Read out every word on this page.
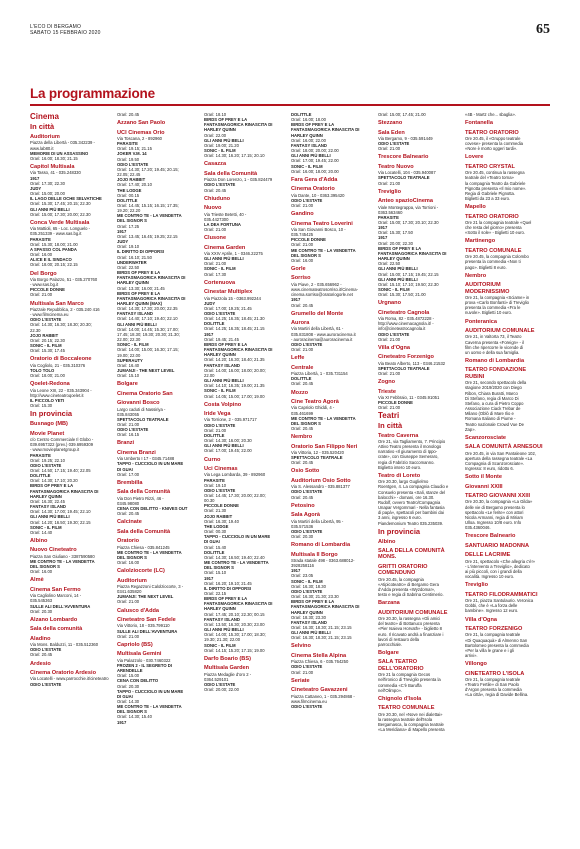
L'ECO DI BERGAMO
SABATO 15 FEBBRAIO 2020	65
La programmazione
Cinema
In città
Auditorium
Piazza della Libertà - 035.342239 -
www.lab80.it
MEMORIE DI UN ASSASSINO
Orari: 16.00; 18.30; 21.15
Capitol Multisala
Via Tasso, 41 - 035.248330
1917
Orari: 17.30; 22.30
JUDY
Orari: 15.00; 20.00
IL LAGO DELLE OCHE SELVATICHE
Orari: 15.30; 17.45; 20.15; 22.30
GLI ANNI PIÙ BELLI
Orari: 15.00; 17.30; 20.00; 22.30
Conca Verde Multisala
Via Mattioli, 65 - Loc. Longuelo -
035.251339 - www.sas.bg.it
PARASITE
Orari: 15.30; 18.00; 21.00
A SPASSO COL PANDA
Orari: 16.00
ALICE E IL SINDACO
Orari: 18.00; 20.15; 22.15
Del Borgo
Via Borgo Palazzo, 51 - 035.270760
- www.sas.bg.it
PICCOLE DONNE
Orari: 21.00
Multisala San Marco
Piazzale Repubblica, 2 - 035.240 416
- www.filmcinema.eu
ODIO L'ESTATE
Orari: 14.30; 16.30; 18.30; 20.30;
22.30
JOJO RABBIT
Orari: 20.15; 22.30
SONIC - IL FILM
Orari: 15.30; 17.45
Oratorio di Boccaleone
Via Cogliolo, 21 - 035.310376
TOLO TOLO
Orari: 18.00; 21.00
Qoelet-Redona
Via Leone XIII, 22 - 035.343904 -
http://www.cineteatroqoelet.it
IL PICCOLO YETI
Orari: 15.30
In provincia
Busnago (MB)
Movie Planet
c/o Centro Commerciale Il Globo -
039.6957322 (prev.) 039.6959309
- www.movieplanetgroup.it
PARASITE
Orari: 19.25; 22.10
ODIO L'ESTATE
Orari: 14.50; 17.15; 19.40; 22.05
DOLITTLE
Orari: 14.30; 17.10; 20.20
BIRDS OF PREY E LA
FANTASMAGORICA RINASCITA DI
HARLEY QUINN
Orari: 16.30; 22.45
FANTASY ISLAND
Orari: 14.30; 17.00; 19.45; 22.10
GLI ANNI PIÙ BELLI
Orari: 14.20; 16.50; 19.30; 22.15
SONIC - IL FILM
Orari: 14.40
Albino
Nuovo Cineteatro
Piazza San Giuliano - 3387590580
ME CONTRO TE - LA VENDETTA
DEL SIGNOR S
Orari: 16.00
Almè
Cinema San Fermo
Via Cagliolino Marconi, 14 -
035.545363
SULLE ALI DELL'AVVENTURA
Orari: 20.30
Alzano Lombardo
Sala della comunità
Aladino
Via Mons. Balduzzi, 11 - 035.512360
ODIO L'ESTATE
Orari: 20.45
Ardesio
Cinema Oratorio Ardesio
Via Locatelli - www.parrocchie.it/cineteatro
ODIO L'ESTATE
Orari: 20.45
Azzano San Paolo
UCI Cinemas Orio
Via Toscana, 2 - 892960
PARASITE
Orari: 19.15; 21.15
JOKER V.M. 14
Orari: 19.50
ODIO L'ESTATE
Orari: 14.30; 17.20; 19.45; 20.15;
22.05; 22.45
JOJO RABBIT
Orari: 17.40; 20.10
THE LODGE
Orari: 00.15
DOLITTLE
Orari: 14.45; 15.15; 16.15; 17.35;
19.20; 22.20
ME CONTRO TE - LA VENDETTA
DEL SIGNOR S
Orari: 17.25
1917
Orari: 13.45; 16.45; 19.25; 22.15
JUDY
Orari: 19.10
IL DIRITTO DI OPPORSI
Orari: 16.10; 21.50
UNDERWATER
Orari: 22.50
BIRDS OF PREY E LA
FANTASMAGORICA RINASCITA DI
HARLEY QUINN
Orari: 13.30; 16.00; 21.45
BIRDS OF PREY E LA
FANTASMAGORICA RINASCITA DI
HARLEY QUINN (MAX)
Orari: 14.30; 17.30; 20.00; 22.35
FANTASY ISLAND
Orari: 14.40; 17.10; 19.40; 22.10
GLI ANNI PIÙ BELLI
Orari: 14.00; 14.45; 15.30; 17.00;
17.45; 18.30; 19.30; 20.30; 21.30;
22.00; 22.30
SONIC - IL FILM
Orari: 14.00; 15.00; 16.30; 17.15;
19.00; 22.00
SUPERAUTY
Orari: 16.40
JUMANJI - THE NEXT LEVEL
Orari: 15.10
Bolgare
Cinema Oratorio San
Giovanni Bosco
Largo caduti di Nassiriya -
035.843055
SPETTACOLO TEATRALE
Orari: 21.00
ODIO L'ESTATE
Orari: 16.15
Branzi
Cinema Branzi
Via Umberto I 17 - 0345.71488
TAPPO - CUCCIOLO IN UN MARE
DI GUAI
Orari: 17.00
Brembilla
Sala della Comunità
Via Don Pietro Rizzi, 46 -
0345.98080
CENA CON DELITTO - KNIVES OUT
Orari: 20.45
Calcinate
Sala della Comunità
Oratorio
Piazza Chiesa - 035.841245
ME CONTRO TE - LA VENDETTA
DEL SIGNOR S
Orari: 16.00
Calolziocorte (LC)
Auditorium
Piazza Regazzoni Calolziocorte, 3 -
0341.635820
JUMANJI: THE NEXT LEVEL
Orari: 21.00
Calusco d'Adda
Cineteatro San Fedele
Via Vittorio, 18 - 035.799110
SULLE ALI DELL'AVVENTURA
Orari: 21.00
Capriolo (BS)
Multisala Gemini
Via Palazzolo - 030.7460322
FROZEN 2 - IL SEGRETO DI
ARENDELLE
Orari: 15.00
CENA CON DELITTO
Orari: 20.30
TAPPO - CUCCIOLO IN UN MARE
DI GUAI
Orari: 14.30
ME CONTRO TE - LA VENDETTA
DEL SIGNOR S
Orari: 14.30; 15.40
1917
Orari: 18.10
BIRDS OF PREY E LA
FANTASMAGORICA RINASCITA DI
HARLEY QUINN
Orari: 22.00
GLI ANNI PIÙ BELLI
Orari: 19.00; 21.20
SONIC - IL FILM
Orari: 14.30; 16.20; 17.15; 20.10
Casazza
Sala della Comunità
Piazza Don Lorenzo, 1 - 035.824479
ODIO L'ESTATE
Orari: 20.45
Chiuduno
Nuovo
Via Trieste Betetti, 40 -
035.4427300
LA DEA FORTUNA
Orari: 21.00
Clusone
Cinema Garden
Via XXIV Aprile, 1 - 0346.22275
GLI ANNI PIÙ BELLI
Orari: 21.00
SONIC - IL FILM
Orari: 17.30
Cortenuova
Cinestar Multiplex
Via Piazzola 15 - 0363.992244
JUDY
Orari: 17.00; 19.25; 21.45
ODIO L'ESTATE
Orari: 14.25; 16.35; 18.45; 21.30
DOLITTLE
Orari: 14.25; 16.35; 18.45; 21.15
1917
Orari: 19.45; 21.45
BIRDS OF PREY E LA
FANTASMAGORICA RINASCITA DI
HARLEY QUINN
Orari: 14.20; 16.30; 18.40; 21.35
FANTASY ISLAND
Orari: 14.00; 16.00; 18.00; 20.00;
22.00
GLI ANNI PIÙ BELLI
Orari: 14.10; 16.35; 19.00; 21.35
SONIC - IL FILM
Orari: 14.05; 15.00; 17.00; 19.00
Costa Volpino
Iride Vega
Via Torrione, 2 - 035.971717
ODIO L'ESTATE
Orari: 21.00
DOLITTLE
Orari: 14.30; 16.00; 20.30
GLI ANNI PIÙ BELLI
Orari: 17.00; 19.45; 22.00
Curno
Uci Cinemas
Via Lega Lombarda, 39 - 892960
PARASITE
Orari: 19.10
ODIO L'ESTATE
Orari: 14.45; 17.30; 20.00; 22.00;
00.30
PICCOLE DONNE
Orari: 21.30
JOJO RABBIT
Orari: 16.30; 19.40
THE LODGE
Orari: 00.30
TAPPO - CUCCIOLO IN UN MARE
DI GUAI
Orari: 15.40
DOLITTLE
Orari: 14.30; 16.50; 19.40; 22.40
ME CONTRO TE - LA VENDETTA
DEL SIGNOR S
Orari: 15.10
1917
Orari: 16.20; 19.10; 21.45
IL DIRITTO DI OPPORSI
Orari: 22.15
BIRDS OF PREY E LA
FANTASMAGORICA RINASCITA DI
HARLEY QUINN
Orari: 17.45; 20.10; 22.30; 00.15
FANTASY ISLAND
Orari: 13.50; 16.30; 20.30; 23.00
GLI ANNI PIÙ BELLI
Orari: 14.00; 15.30; 17.00; 18.30;
19.30; 21.30; 22.00
SONIC - IL FILM
Orari: 14.15; 15.20; 17.15; 19.00
Darfo Boario (BS)
Multisala Garden
Piazza Medaglie d'oro 2 -
0364.529101
ODIO L'ESTATE
Orari: 20.00; 22.00
DOLITTLE
Orari: 16.00; 18.00
BIRDS OF PREY E LA
FANTASMAGORICA RINASCITA DI
HARLEY QUINN
Orari: 16.00; 22.00
FANTASY ISLAND
Orari: 18.00; 20.00; 22.00
GLI ANNI PIÙ BELLI
Orari: 17.00; 19.45; 22.00
SONIC - IL FILM
Orari: 16.00; 18.00; 20.00
Fara Gera d'Adda
Cinema Oratorio
Via Dante, 10 - 0363.395420
ODIO L'ESTATE
Orari: 21.00
Gandino
Cinema Teatro Loverini
Via San Giovanni Bosco, 10 -
035.745425
PICCOLE DONNE
Orari: 21.00
ME CONTRO TE - LA VENDETTA
DEL SIGNOR S
Orari: 16.00
Gorle
Sorriso
Via Piave, 2 - 035.656962 -
www.cinemateatrosorriso.it/Cinema-
cinema.sorriso@oratoriogorle.net
1917
Orari: 20.45
Grumello del Monte
Aurora
Via Martiri della Libertà, 61 -
035.831808 - www.auroracinema.it
- auroracinema@auroracinema.it
ODIO L'ESTATE
Orari: 21.00
Leffe
Centrale
Piazza Libertà, 1 - 035.731154
DOLITTLE
Orari: 20.45
Mozzo
Cine Teatro Agorà
Via Capriolo Ghiddi, 4 -
035.461699
ME CONTRO TE - LA VENDETTA
DEL SIGNOR S
Orari: 20.45
Nembro
Oratorio San Filippo Neri
Via Vittoria, 12 - 035.520420
SPETTACOLO TEATRALE
Orari: 20.45
Osio Sotto
Auditorium Osio Sotto
Via S. Alessandro - 035.881377
ODIO L'ESTATE
Orari: 20.45
Petosino
Sala Agorà
Via Martiri della Libertà, 95 -
035.571536
ODIO L'ESTATE
Orari: 20.30
Romano di Lombardia
Multisala Il Borgo
Strada statale 498 - 0363.688012-
3928258116
1917
Orari: 23.05
SONIC - IL FILM
Orari: 16.30; 18.30
ODIO L'ESTATE
Orari: 16.30; 21.30; 23.30
BIRDS OF PREY E LA
FANTASMAGORICA RINASCITA DI
HARLEY QUINN
Orari: 18.30; 23.30
FANTASY ISLAND
Orari: 16.30; 18.30; 21.15; 23.15
GLI ANNI PIÙ BELLI
Orari: 16.30; 18.30; 21.15; 23.15
Selvino
Cinema Stella Alpina
Piazza Chiesa, 6 - 035.764250
ODIO L'ESTATE
Orari: 21.00
Seriate
Cineteatro Gavazzeni
Piazza Cattaneo, 1 - 035.294868 -
www.filmcinema.eu
ODIO L'ESTATE
Orari: 15.00; 17.45; 21.00
Stezzano
Sala Eden
Via Bergamo, 9 - 035.591449
ODIO L'ESTATE
Orari: 21.00
Trescore Balneario
Teatro Nuovo
Via Locatelli, 104 - 035.940087
SPETTACOLO TEATRALE
Orari: 21.00
Treviglio
Anteo spazioCinema
Viale Montegrappa, via Torrioni -
0363.563460
PARASITE
Orari: 15.00; 17.30; 20.10; 22.30
1917
Orari: 15.30; 17.50
1917
Orari: 20.00; 22.30
BIRDS OF PREY E LA
FANTASMAGORICA RINASCITA DI
HARLEY QUINN
Orari: 22.50
GLI ANNI PIÙ BELLI
Orari: 15.00; 17.15; 19.45; 22.15
GLI ANNI PIÙ BELLI
Orari: 15.10; 17.10; 19.50; 22.30
SONIC - IL FILM
Orari: 15.30; 17.50; 21.00
Urgnano
Cineteatro Cagnola
Via Roma, 82 - 035.4872228 -
http://www.cinemacagnola.it/ -
info@cineteatrocagnola.it
ODIO L'ESTATE
Orari: 21.00
Villa d'Ogna
Cineteatro Forzenigo
Via Beato Alberto, 113 - 0346.21532
SPETTACOLO TEATRALE
Orari: 21.00
Zogno
Trieste
Via XI Febbraio, 11 - 0345.91051
PICCOLE DONNE
Orari: 21.00
Teatri
In città
Teatro Caverna
Ore 21, via Tagliamento, 7. Principio
Attivo Teatro presenta il monologo
narrativo «Il giuramento di Ippo-
crate», con Giuseppe Semeraro,
regia di Fabrizio Saccomanno.
Biglietto intero 10 euro.
Teatro di Loreto
Ore 20.30, largo Guglielmo
Roentgen, 4. La compagnia Claudio e
Consuelo presenta «Sali, stanze del
balocchi» - domani, ore 16.30.
Rudolf, ovvero Teatro/Compagnia
Unapar Vergommari - Nella fantasia
di papà», spettacoli per bambini dai
3 anni, ingresso 6 euro.
Piandemonium Teatro 035.235039.
In provincia
Albino
SALA DELLA COMUNITÀ MONS.
GRITTI ORATORIO COMENDUNO
Ore 20.45, la compagnia
«Atipicoteatro» di Bergamo Gera
d'Adda presenta «Wyzdoma!»,
testo e regia di Sabrina Centimerio.
Barzana
AUDITORIUM COMUNALE
Ore 20.30, la rassegna «Gli amici
del teatro» di Bottanuco presenta
«Pier Isaieva Horvath» - biglietto 8
euro. Il ricavato andrà a finanziare i
lavori di restauro della
parrocchiale.
Bolgare
SALA TEATRO DELL'ORATORIO
Ore 21 la compagnia Gecos
nell'ironico di Treviglio presenta la
commedia «C'è Baruffa
nell'Olimpo».
Chignolo d'Isola
TEATRO COMUNALE
Ore 20.30, nel «Nove nei dialettai»
la rassegna teatrale dell'Isola
Bergamasca, la compagnia teatrale
«La Meridiana» di Mapello presenta
«4B - Martz che... sbaglia».
Fontanella
TEATRO ORATORIO
Ore 20.45, il «Gruppo teatrale
covese» presenta la commedia
«Nore è morto oggeri tardi».
Lovere
TEATRO CRYSTAL
Ore 20.45, continua la rassegna
teatrale del «Teatro torna»
la compagnia Teatro da Gabriele
Pignotta presenta «Il mio nome».
Regia di Gabriele Pignotta.
Biglietti da 23 a 33 euro.
Mapello
TEATRO ORATORIO
Ore 21 la compagnia teatrale «Quel
che resta del giorno» presenta
«Sotto il sole» - Biglietti 10 euro.
Martinengo
TEATRO COMUNALE
Ore 20.45, la compagnia Colombo
presenta la commedia «Non ti
pago». Biglietti 8 euro.
Nembro
AUDITORIUM MODERNISSIMO
Ore 21, la compagnia «Sciame» in
prova «Carlo Bonfanti» di Treviglio
presenta la commedia «Fra le
nuvole». Biglietti 10 euro.
Ponteranica
AUDITORIUM COMUNALE
Ore 21, in Valtorta 73, il Teatro
Caverna presenta «Foreign» - il
film che ripercorre le vicende di
un uomo e della sua famiglia.
Romano di Lombardia
TEATRO FONDAZIONE RUBINI
Ore 21, secondo spettacolo della
stagione 2019/2020 con Diego
Ribon, Chiara Buratti, Marco
Di Stefano, regia di Marco Di
Stefano, a cura di Pietro Coppo
Associazione Ciack Trebar de
Milano (Oblò di Mare Ilio e
Romana Italiano di Piume -
Teatro nazionale Crowd Vue De
Zap».
Scanzorosciate
SALA COMUNITÀ ARNESOUI
Ore 20.45, in via San Pantaleone 102,
apertura della rassegna teatrale «La
Compagnia di Scanzorosciate».
Ingresso: 8 euro, ridotto 6.
Sotto il Monte
Giovanni XXIII
TEATRO GIOVANNI XXIII
Ore 20.30, la compagnia «La Gilda»
delle vie di Bergamo presenta lo
spettacolo «Le ferite» con attori
Nicola Armanni, regia di Miriam
Ulloa. Ingresso 10/8 euro. Info
035.4360046.
Trescore Balneario
SANTUARIO MADONNA
DELLE LACRIME
Ore 21, spettacolo «Che allegria c'è!»
- L'intervento a Treviglio», dedicato
ai più piccoli, con i grandi della
vocalità. Ingresso 10 euro.
Treviglio
TEATRO FILODRAMMATICI
Ore 21, piazza Santulaurio. Veronica
Gobbi, che è «La forza delle
bambine». Ingresso 12 euro.
Villa d'Ogna
TEATRO FORZENIGO
Ore 21, la compagnia teatrale
«Di Quaquaquà» di Almenno San
Bartolomeo presenta la commedia
«Per la villa le grane e i gli
arrivi».
Villongo
CINETEATRO L'ISOLA
Ore 21, la compagnia teatrale
«Teatro Fertile» di San Paolo
d'Argon presenta la commedia
«La città», regia di Davide Bellina.
